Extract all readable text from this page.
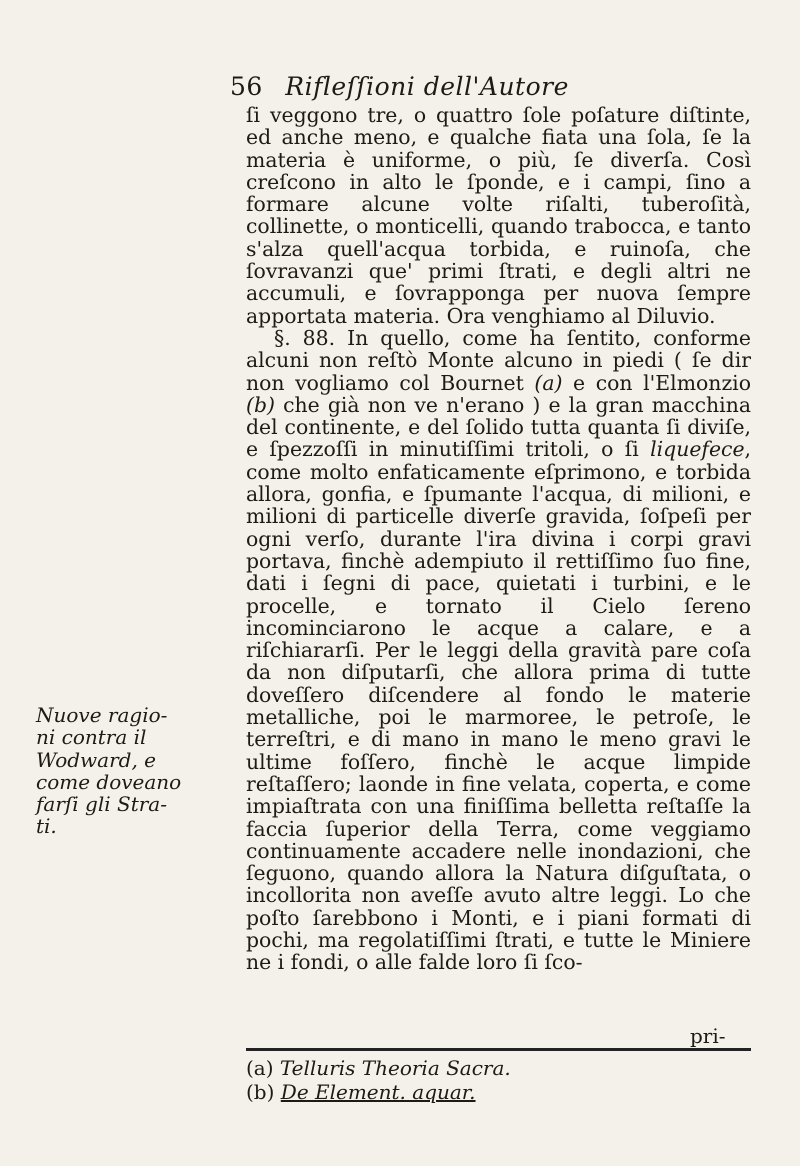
56 Rifleſſioni dell'Autore

ſi veggono tre, o quattro ſole poſature diſtinte, ed anche meno, e qualche fiata una ſola, ſe la materia è uniforme, o più, ſe diverſa. Così creſcono in alto le ſponde, e i campi, ſino a formare alcune volte riſalti, tuberoſità, collinette, o monticelli, quando trabocca, e tanto s'alza quell'acqua torbida, e ruinoſa, che ſovravanzi que' primi ſtrati, e degli altri ne accumuli, e ſovrapponga per nuova ſempre apportata materia. Ora venghiamo al Diluvio.

§. 88. In quello, come ha ſentito, conforme alcuni non reſtò Monte alcuno in piedi ( ſe dir non vogliamo col Bournet (a) e con l'Elmonzio (b) che già non ve n'erano ) e la gran macchina del continente, e del ſolido tutta quanta ſi diviſe, e ſpezzoſſi in minutiſſimi tritoli, o ſi liquefece, come molto enfaticamente eſprimono, e torbida allora, gonfia, e ſpumante l'acqua, di milioni, e milioni di particelle diverſe gravida, ſoſpeſi per ogni verſo, durante l'ira divina i corpi gravi portava, finchè adempiuto il rettiſſimo ſuo fine, dati i ſegni di pace, quietati i turbini, e le procelle, e tornato il Cielo ſereno incominciarono le acque a calare, e a riſchiararſi. Per le leggi della gravità pare coſa da non diſputarſi, che allora prima di tutte doveſſero diſcendere al fondo le materie metalliche, poi le marmoree, le petroſe, le terreſtri, e di mano in mano le meno gravi le ultime foſſero, finchè le acque limpide reſtaſſero; laonde in fine velata, coperta, e come impiaſtrata con una finiſſima belletta reſtaſſe la faccia ſuperior della Terra, come veggiamo continuamente accadere nelle inondazioni, che ſeguono, quando allora la Natura diſguſtata, o incollorita non aveſſe avuto altre leggi. Lo che poſto ſarebbono i Monti, e i piani formati di pochi, ma regolatiſſimi ſtrati, e tutte le Miniere ne i fondi, o alle falde loro ſi ſco-

Nuove ragio-
ni contra il
Wodward, e
come doveano
farſi gli Stra-
ti.
pri-
(a) Telluris Theoria Sacra.
(b) De Element. aquar.
